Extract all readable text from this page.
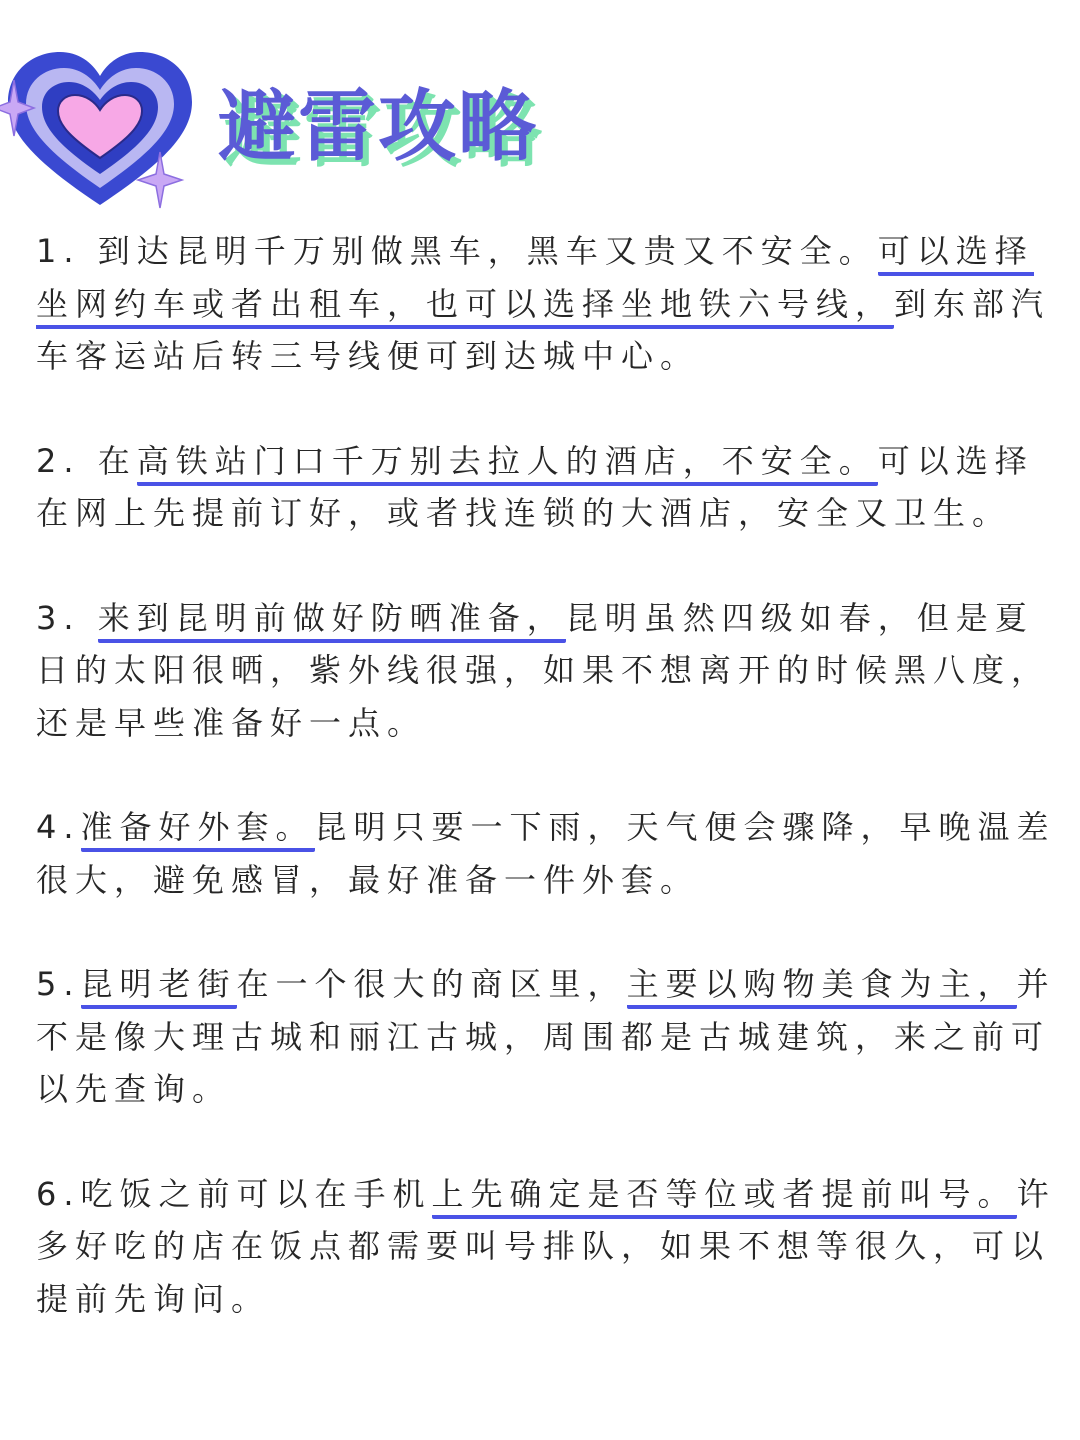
避雷攻略

1. 到达昆明千万别做黑车，黑车又贵又不安全。可以选择坐网约车或者出租车，也可以选择坐地铁六号线，到东部汽车客运站后转三号线便可到达城中心。

2. 在高铁站门口千万别去拉人的酒店，不安全。可以选择在网上先提前订好，或者找连锁的大酒店，安全又卫生。

3. 来到昆明前做好防晒准备，昆明虽然四级如春，但是夏日的太阳很晒，紫外线很强，如果不想离开的时候黑八度，还是早些准备好一点。

4.准备好外套。昆明只要一下雨，天气便会骤降，早晚温差很大，避免感冒，最好准备一件外套。

5.昆明老街在一个很大的商区里，主要以购物美食为主，并不是像大理古城和丽江古城，周围都是古城建筑，来之前可以先查询。

6.吃饭之前可以在手机上先确定是否等位或者提前叫号。许多好吃的店在饭点都需要叫号排队，如果不想等很久，可以提前先询问。
